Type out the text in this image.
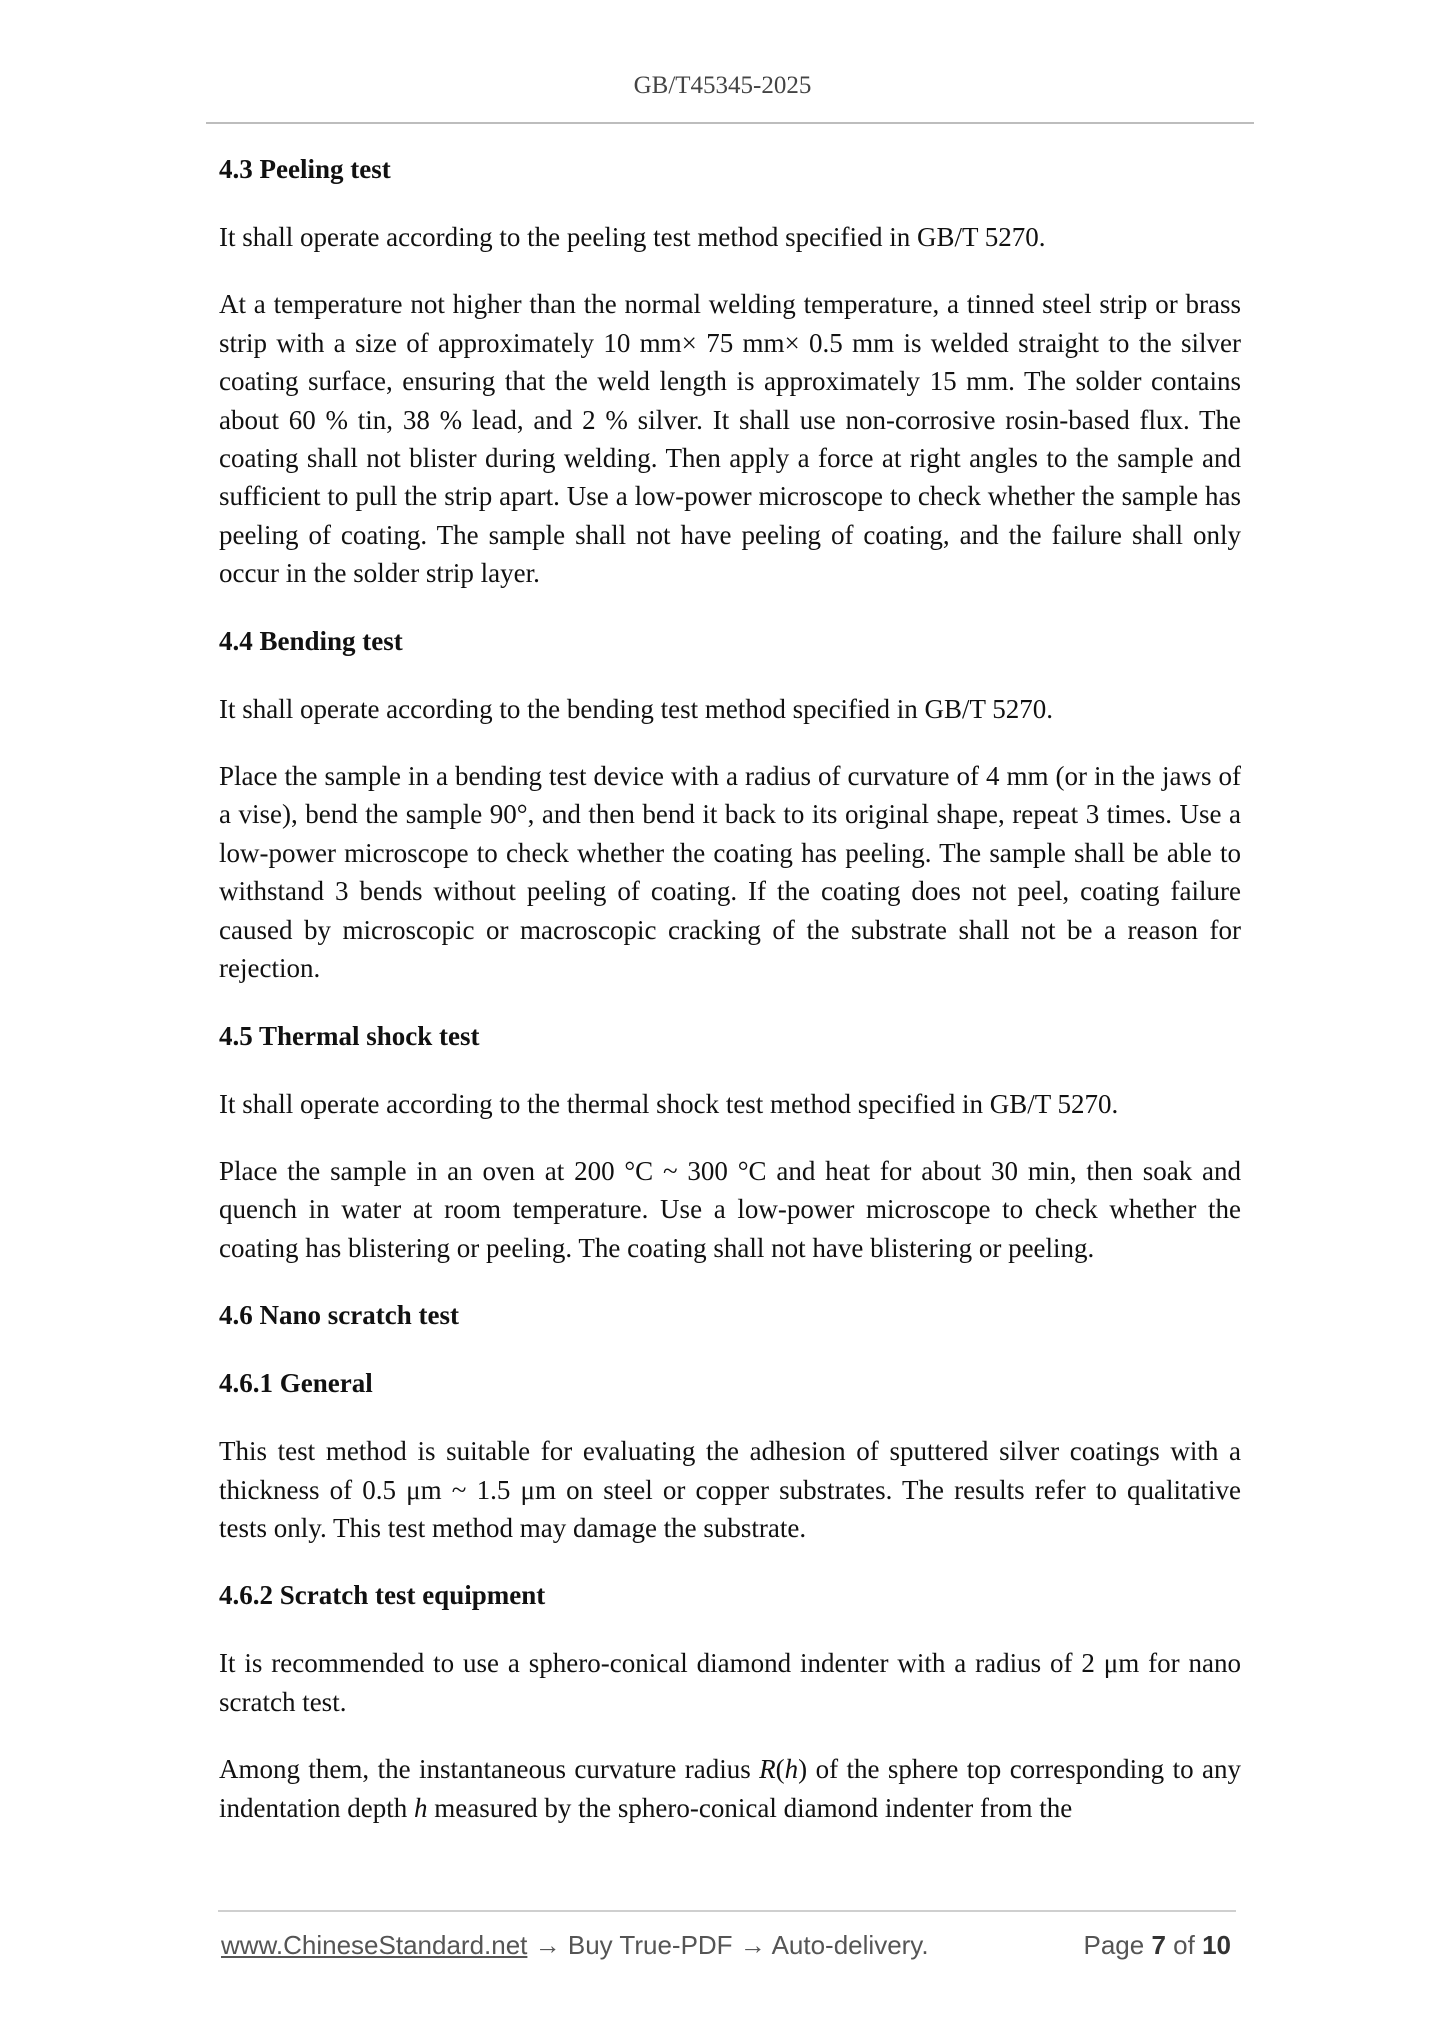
GB/T45345-2025
4.3 Peeling test

It shall operate according to the peeling test method specified in GB/T 5270.

At a temperature not higher than the normal welding temperature, a tinned steel strip or brass strip with a size of approximately 10 mm× 75 mm× 0.5 mm is welded straight to the silver coating surface, ensuring that the weld length is approximately 15 mm. The solder contains about 60 % tin, 38 % lead, and 2 % silver. It shall use non-corrosive rosin-based flux. The coating shall not blister during welding. Then apply a force at right angles to the sample and sufficient to pull the strip apart. Use a low-power microscope to check whether the sample has peeling of coating. The sample shall not have peeling of coating, and the failure shall only occur in the solder strip layer.

4.4 Bending test

It shall operate according to the bending test method specified in GB/T 5270.

Place the sample in a bending test device with a radius of curvature of 4 mm (or in the jaws of a vise), bend the sample 90°, and then bend it back to its original shape, repeat 3 times. Use a low-power microscope to check whether the coating has peeling. The sample shall be able to withstand 3 bends without peeling of coating. If the coating does not peel, coating failure caused by microscopic or macroscopic cracking of the substrate shall not be a reason for rejection.

4.5 Thermal shock test

It shall operate according to the thermal shock test method specified in GB/T 5270.

Place the sample in an oven at 200 °C ~ 300 °C and heat for about 30 min, then soak and quench in water at room temperature. Use a low-power microscope to check whether the coating has blistering or peeling. The coating shall not have blistering or peeling.

4.6 Nano scratch test
4.6.1 General

This test method is suitable for evaluating the adhesion of sputtered silver coatings with a thickness of 0.5 μm ~ 1.5 μm on steel or copper substrates. The results refer to qualitative tests only. This test method may damage the substrate.

4.6.2 Scratch test equipment

It is recommended to use a sphero-conical diamond indenter with a radius of 2 μm for nano scratch test.

Among them, the instantaneous curvature radius R(h) of the sphere top corresponding to any indentation depth h measured by the sphero-conical diamond indenter from the

www.ChineseStandard.net → Buy True-PDF → Auto-delivery.	Page 7 of 10
